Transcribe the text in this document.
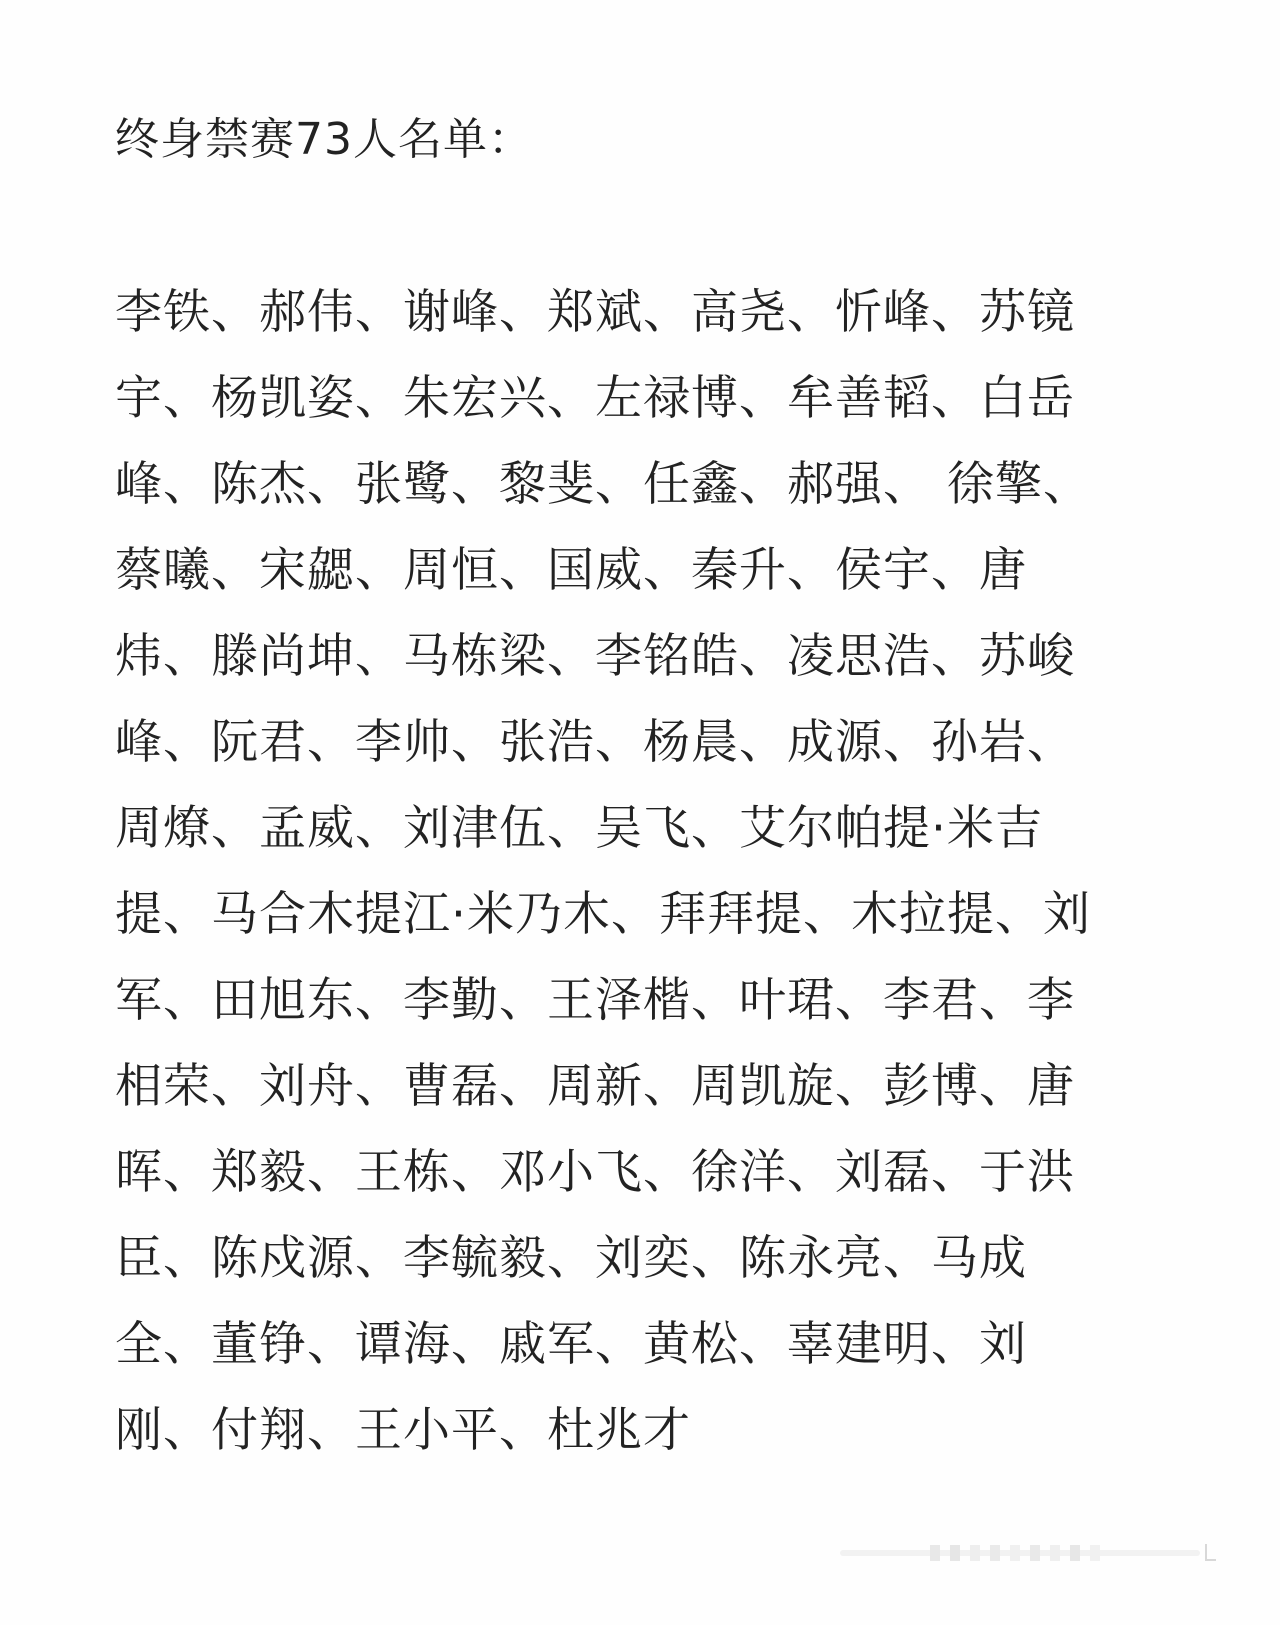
终身禁赛73人名单：
李铁、郝伟、谢峰、郑斌、高尧、忻峰、苏镜
宇、杨凯姿、朱宏兴、左禄博、牟善韬、白岳
峰、陈杰、张鹭、黎斐、任鑫、郝强、 徐擎、
蔡曦、宋勰、周恒、国威、秦升、侯宇、唐
炜、滕尚坤、马栋梁、李铭皓、凌思浩、苏峻
峰、阮君、李帅、张浩、杨晨、成源、孙岩、
周燎、孟威、刘津伍、吴飞、艾尔帕提·米吉
提、马合木提江·米乃木、拜拜提、木拉提、刘
军、田旭东、李勤、王泽楷、叶珺、李君、李
相荣、刘舟、曹磊、周新、周凯旋、彭博、唐
晖、郑毅、王栋、邓小飞、徐洋、刘磊、于洪
臣、陈戍源、李毓毅、刘奕、陈永亮、马成
全、董铮、谭海、戚军、黄松、辜建明、刘
刚、付翔、王小平、杜兆才
